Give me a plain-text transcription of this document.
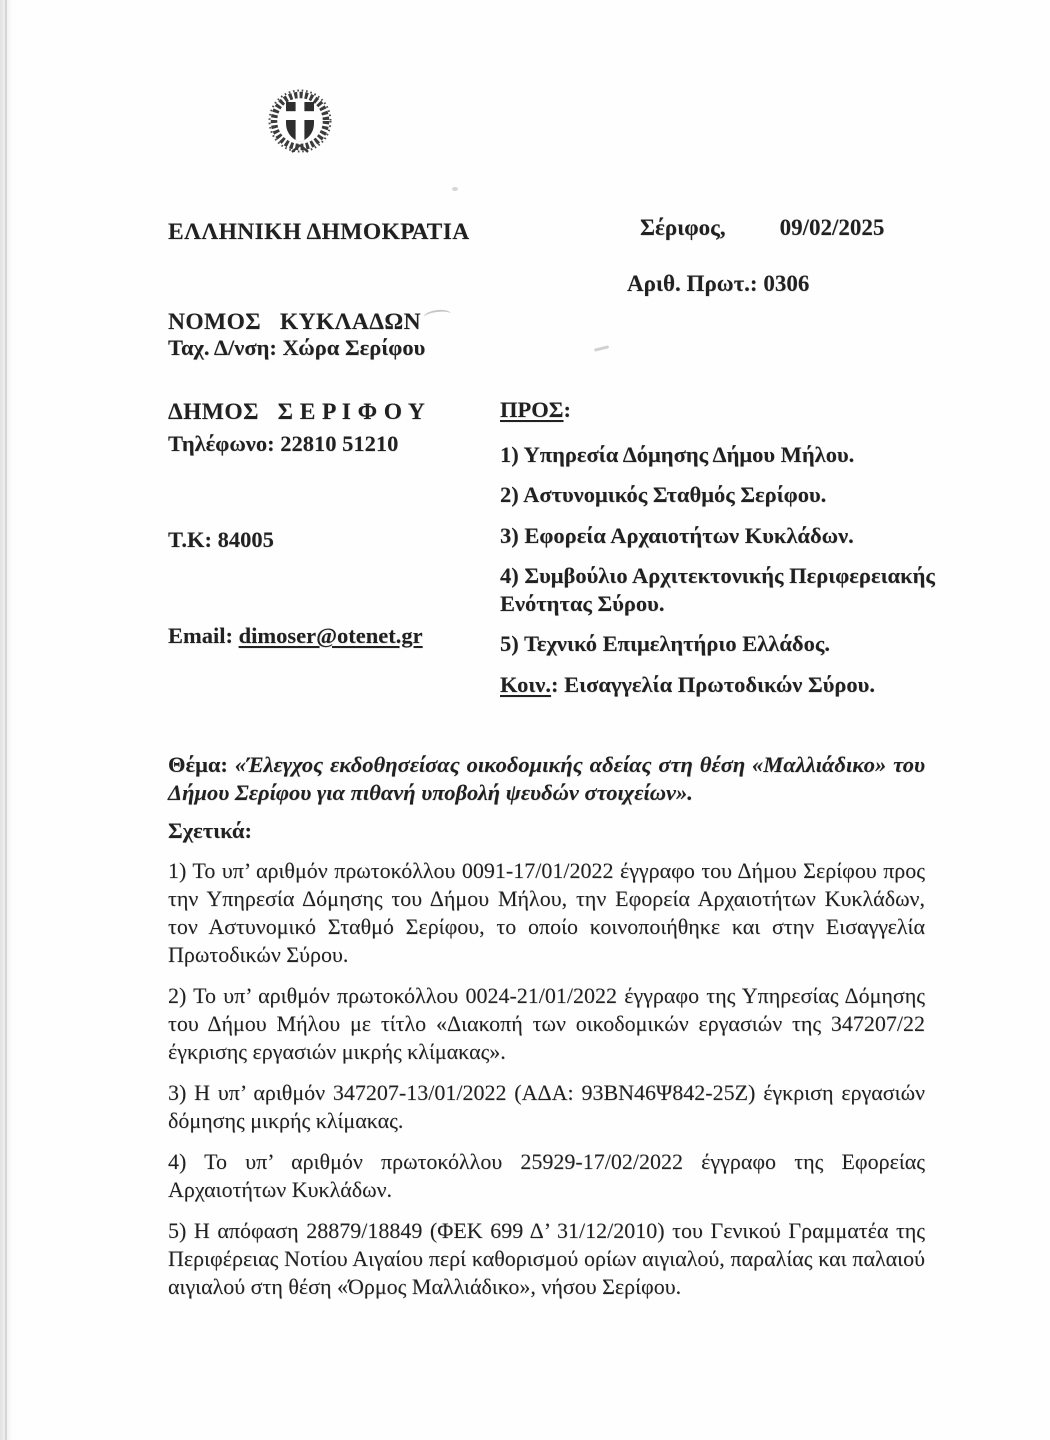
ΕΛΛΗΝΙΚΗ ΔΗΜΟΚΡΑΤΙΑ

ΝΟΜΟΣ   ΚΥΚΛΑΔΩΝ

ΔΗΜΟΣ   Σ Ε Ρ Ι Φ Ο Υ

Σέριφος, 09/02/2025
Αριθ. Πρωτ.: 0306

Ταχ. Δ/νση: Χώρα Σερίφου

Τηλέφωνο: 22810 51210

Τ.Κ: 84005

Email: dimoser@otenet.gr

ΠΡΟΣ:

1) Υπηρεσία Δόμησης Δήμου Μήλου.

2) Αστυνομικός Σταθμός Σερίφου.

3) Εφορεία Αρχαιοτήτων Κυκλάδων.

4) Συμβούλιο Αρχιτεκτονικής Περιφερειακής
Ενότητας Σύρου.

5) Τεχνικό Επιμελητήριο Ελλάδος.

Κοιν.: Εισαγγελία Πρωτοδικών Σύρου.
Θέμα: «Έλεγχος εκδοθησείσας οικοδομικής αδείας στη θέση «Μαλλιάδικο» του Δήμου Σερίφου για πιθανή υποβολή ψευδών στοιχείων».
Σχετικά:

1) Το υπ’ αριθμόν πρωτοκόλλου 0091-17/01/2022 έγγραφο του Δήμου Σερίφου προς την Υπηρεσία Δόμησης του Δήμου Μήλου, την Εφορεία Αρχαιοτήτων Κυκλάδων, τον Αστυνομικό Σταθμό Σερίφου, το οποίο κοινοποιήθηκε και στην Εισαγγελία Πρωτοδικών Σύρου.

2) Το υπ’ αριθμόν πρωτοκόλλου 0024-21/01/2022 έγγραφο της Υπηρεσίας Δόμησης του Δήμου Μήλου με τίτλο «Διακοπή των οικοδομικών εργασιών της 347207/22 έγκρισης εργασιών μικρής κλίμακας».

3) Η υπ’ αριθμόν 347207-13/01/2022 (ΑΔΑ: 93ΒΝ46Ψ842-25Ζ) έγκριση εργασιών δόμησης μικρής κλίμακας.

4) Το υπ’ αριθμόν πρωτοκόλλου 25929-17/02/2022 έγγραφο της Εφορείας Αρχαιοτήτων Κυκλάδων.

5) Η απόφαση 28879/18849 (ΦΕΚ 699 Δ’ 31/12/2010) του Γενικού Γραμματέα της Περιφέρειας Νοτίου Αιγαίου περί καθορισμού ορίων αιγιαλού, παραλίας και παλαιού αιγιαλού στη θέση «Όρμος Μαλλιάδικο», νήσου Σερίφου.
